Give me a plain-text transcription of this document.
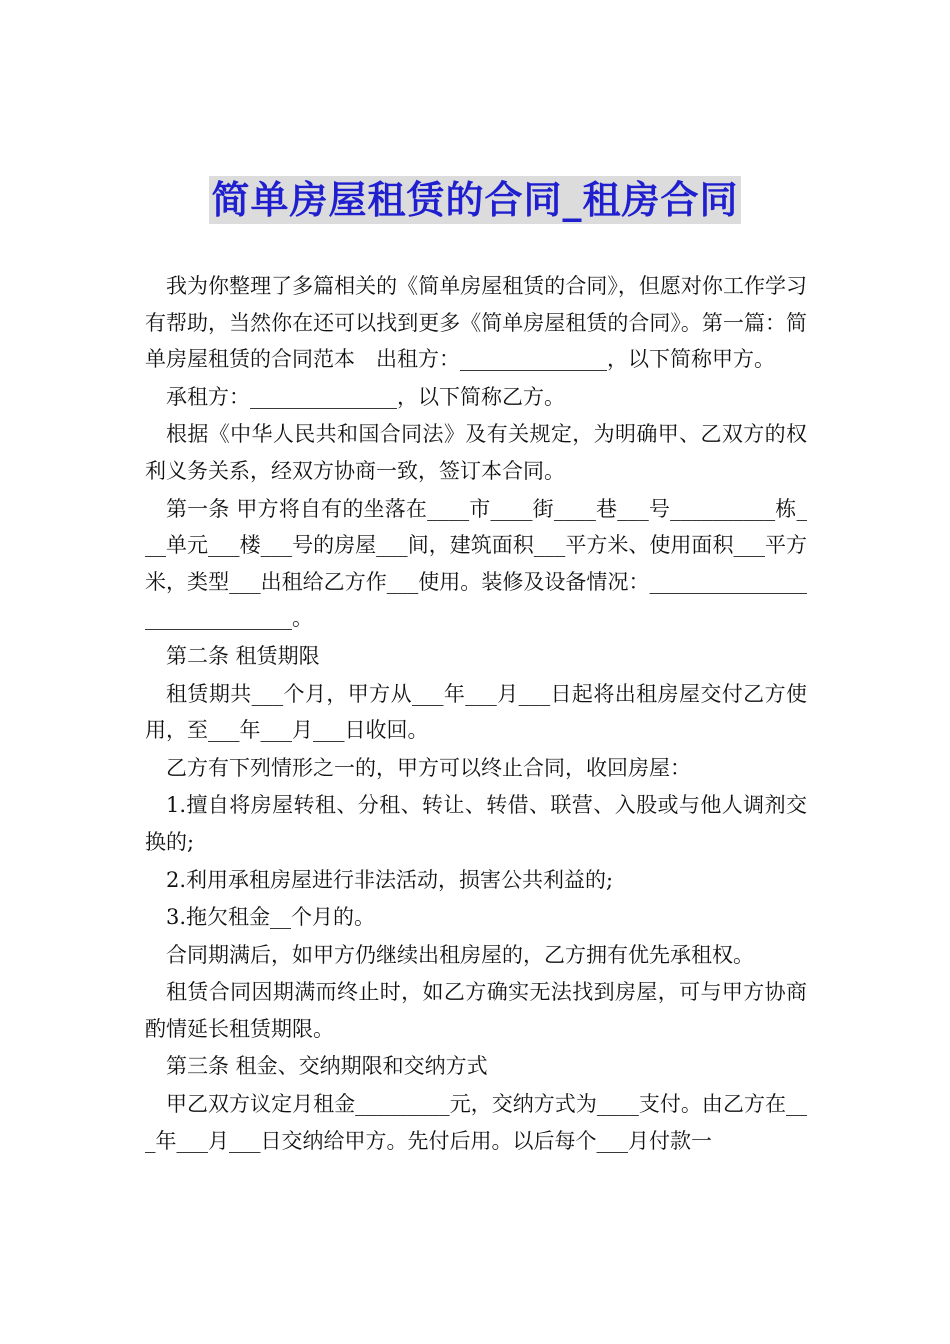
简单房屋租赁的合同_租房合同

我为你整理了多篇相关的《简单房屋租赁的合同》，但愿对你工作学习有帮助，当然你在还可以找到更多《简单房屋租赁的合同》。第一篇：简单房屋租赁的合同范本　出租方：______________，以下简称甲方。

承租方：______________，以下简称乙方。

根据《中华人民共和国合同法》及有关规定，为明确甲、乙双方的权利义务关系，经双方协商一致，签订本合同。

第一条 甲方将自有的坐落在____市____街____巷___号__________栋___单元___楼___号的房屋___间，建筑面积___平方米、使用面积___平方米，类型___出租给乙方作___使用。装修及设备情况：_____________________________。

第二条 租赁期限

租赁期共___个月，甲方从___年___月___日起将出租房屋交付乙方使用，至___年___月___日收回。

乙方有下列情形之一的，甲方可以终止合同，收回房屋：

1.擅自将房屋转租、分租、转让、转借、联营、入股或与他人调剂交换的;

2.利用承租房屋进行非法活动，损害公共利益的;

3.拖欠租金__个月的。

合同期满后，如甲方仍继续出租房屋的，乙方拥有优先承租权。

租赁合同因期满而终止时，如乙方确实无法找到房屋，可与甲方协商酌情延长租赁期限。

第三条 租金、交纳期限和交纳方式

甲乙双方议定月租金_________元，交纳方式为____支付。由乙方在___年___月___日交纳给甲方。先付后用。以后每个___月付款一
